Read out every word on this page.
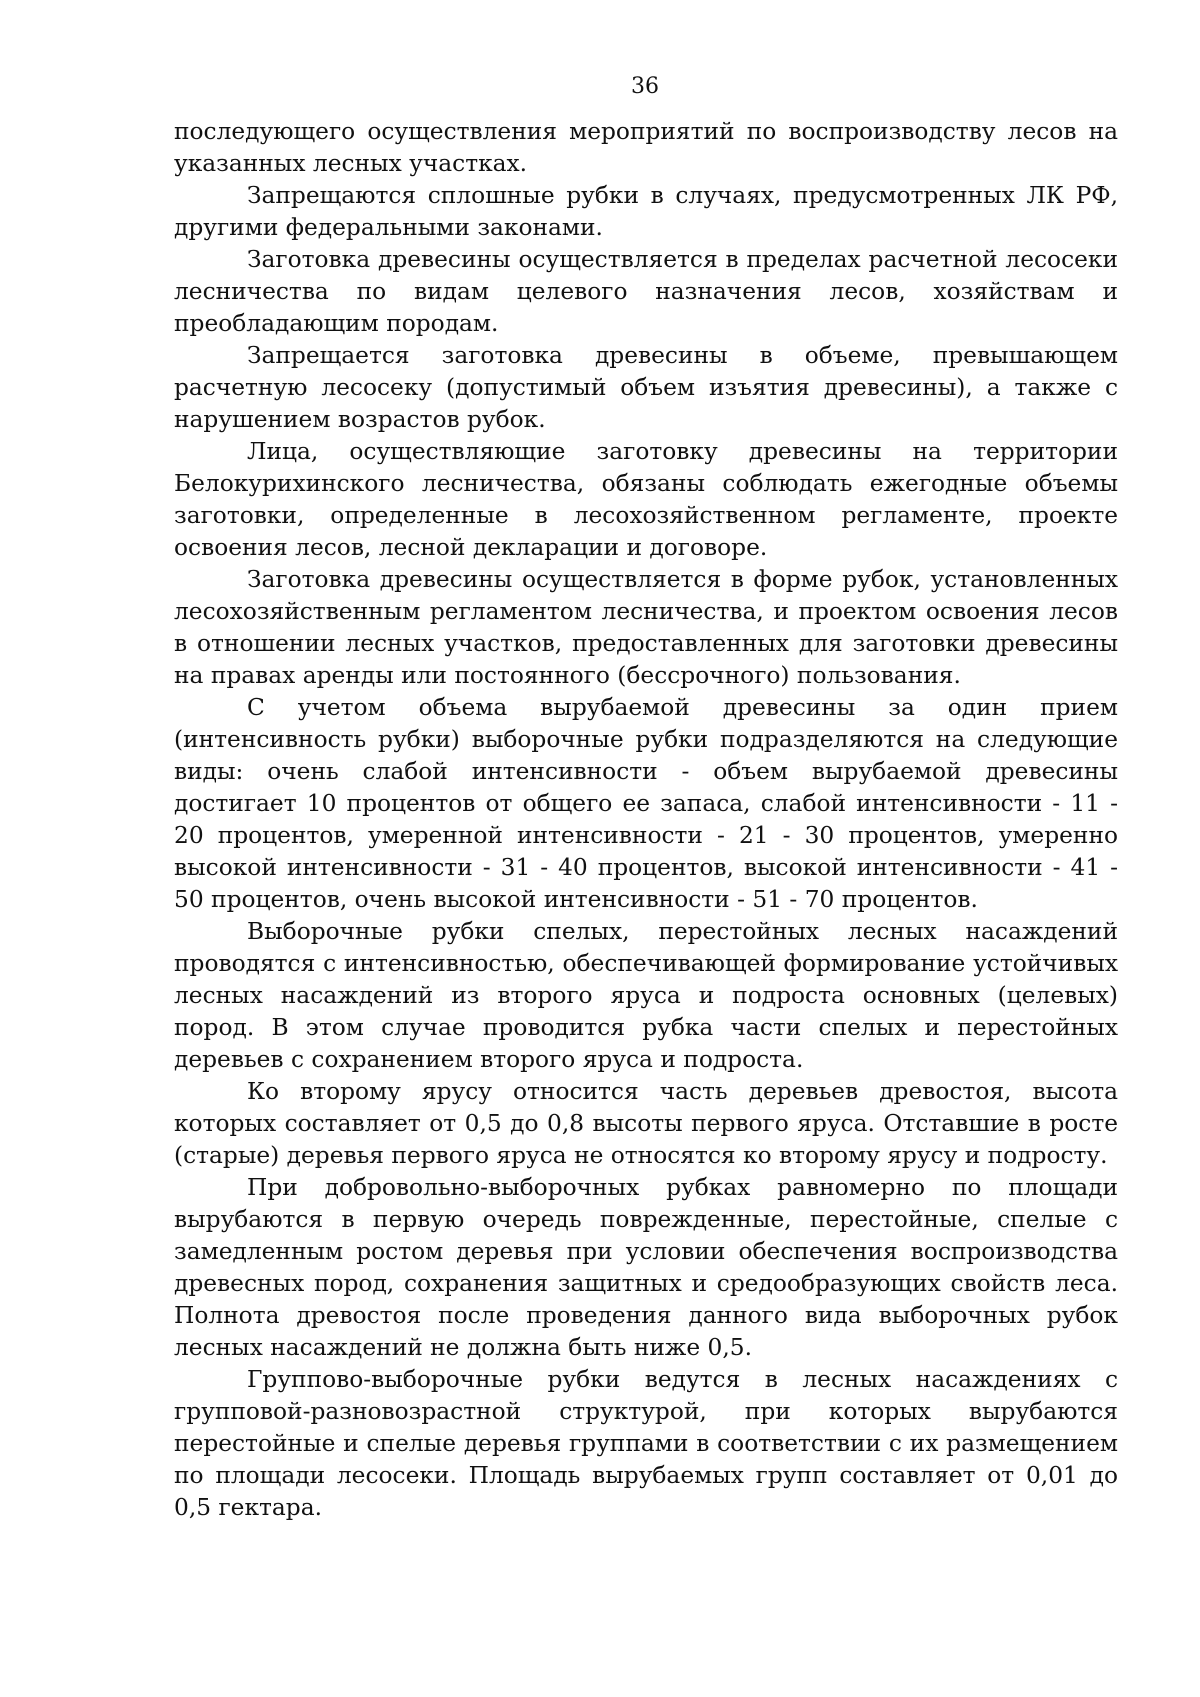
36

последующего осуществления мероприятий по воспроизводству лесов на указанных лесных участках.

Запрещаются сплошные рубки в случаях, предусмотренных ЛК РФ, другими федеральными законами.

Заготовка древесины осуществляется в пределах расчетной лесосеки лесничества по видам целевого назначения лесов, хозяйствам и преобладающим породам.

Запрещается заготовка древесины в объеме, превышающем расчетную лесосеку (допустимый объем изъятия древесины), а также с нарушением возрастов рубок.

Лица, осуществляющие заготовку древесины на территории Белокурихинского лесничества, обязаны соблюдать ежегодные объемы заготовки, определенные в лесохозяйственном регламенте, проекте освоения лесов, лесной декларации и договоре.

Заготовка древесины осуществляется в форме рубок, установленных лесохозяйственным регламентом лесничества, и проектом освоения лесов в отношении лесных участков, предоставленных для заготовки древесины на правах аренды или постоянного (бессрочного) пользования.

С учетом объема вырубаемой древесины за один прием (интенсивность рубки) выборочные рубки подразделяются на следующие виды: очень слабой интенсивности - объем вырубаемой древесины достигает 10 процентов от общего ее запаса, слабой интенсивности - 11 - 20 процентов, умеренной интенсивности - 21 - 30 процентов, умеренно высокой интенсивности - 31 - 40 процентов, высокой интенсивности - 41 - 50 процентов, очень высокой интенсивности - 51 - 70 процентов.

Выборочные рубки спелых, перестойных лесных насаждений проводятся с интенсивностью, обеспечивающей формирование устойчивых лесных насаждений из второго яруса и подроста основных (целевых) пород. В этом случае проводится рубка части спелых и перестойных деревьев с сохранением второго яруса и подроста.

Ко второму ярусу относится часть деревьев древостоя, высота которых составляет от 0,5 до 0,8 высоты первого яруса. Отставшие в росте (старые) деревья первого яруса не относятся ко второму ярусу и подросту.

При добровольно-выборочных рубках равномерно по площади вырубаются в первую очередь поврежденные, перестойные, спелые с замедленным ростом деревья при условии обеспечения воспроизводства древесных пород, сохранения защитных и средообразующих свойств леса. Полнота древостоя после проведения данного вида выборочных рубок лесных насаждений не должна быть ниже 0,5.

Группово-выборочные рубки ведутся в лесных насаждениях с групповой-разновозрастной структурой, при которых вырубаются перестойные и спелые деревья группами в соответствии с их размещением по площади лесосеки. Площадь вырубаемых групп составляет от 0,01 до 0,5 гектара.
